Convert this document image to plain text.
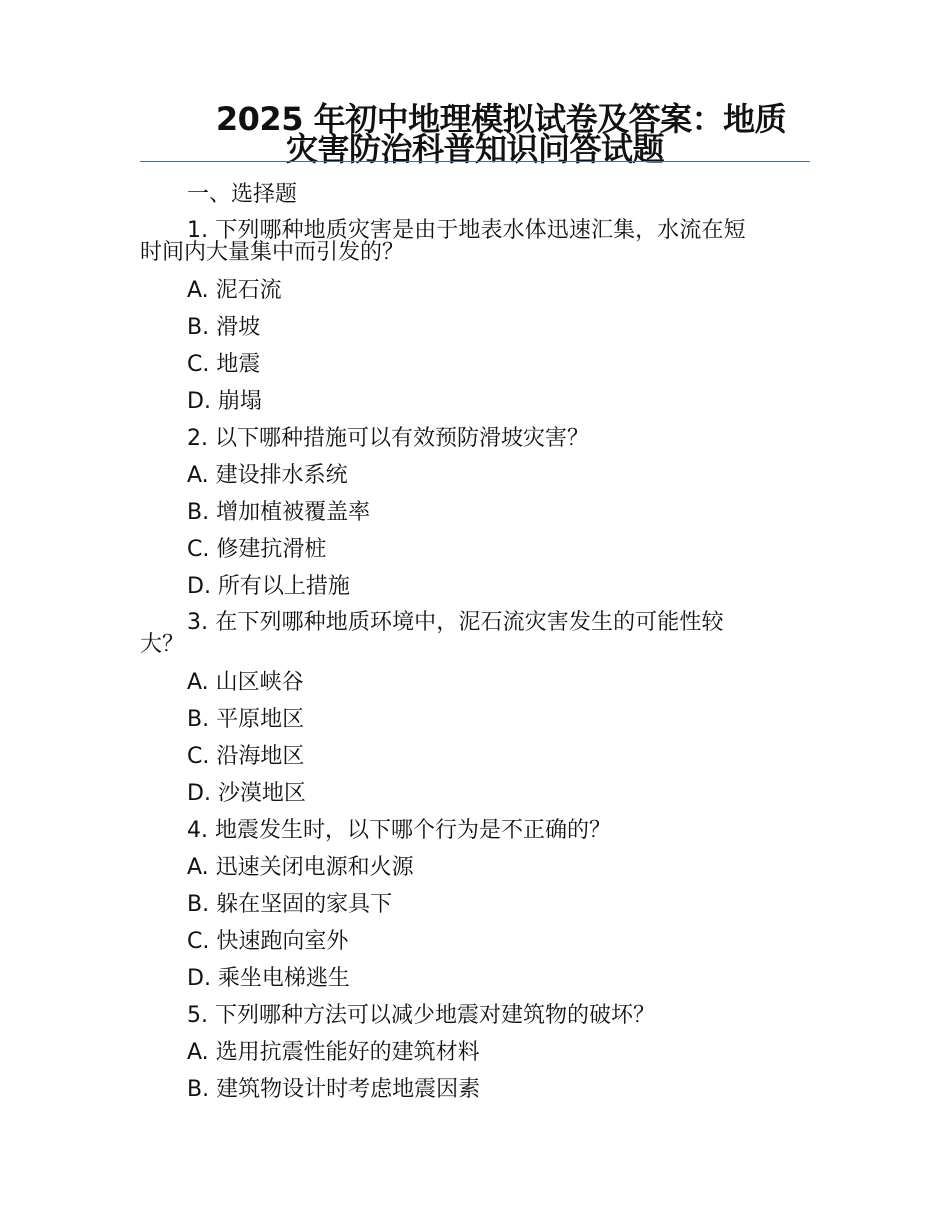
2025 年初中地理模拟试卷及答案：地质
灾害防治科普知识问答试题
一、选择题
1. 下列哪种地质灾害是由于地表水体迅速汇集，水流在短
时间内大量集中而引发的？
A. 泥石流
B. 滑坡
C. 地震
D. 崩塌
2. 以下哪种措施可以有效预防滑坡灾害？
A. 建设排水系统
B. 增加植被覆盖率
C. 修建抗滑桩
D. 所有以上措施
3. 在下列哪种地质环境中，泥石流灾害发生的可能性较
大？
A. 山区峡谷
B. 平原地区
C. 沿海地区
D. 沙漠地区
4. 地震发生时，以下哪个行为是不正确的？
A. 迅速关闭电源和火源
B. 躲在坚固的家具下
C. 快速跑向室外
D. 乘坐电梯逃生
5. 下列哪种方法可以减少地震对建筑物的破坏？
A. 选用抗震性能好的建筑材料
B. 建筑物设计时考虑地震因素
